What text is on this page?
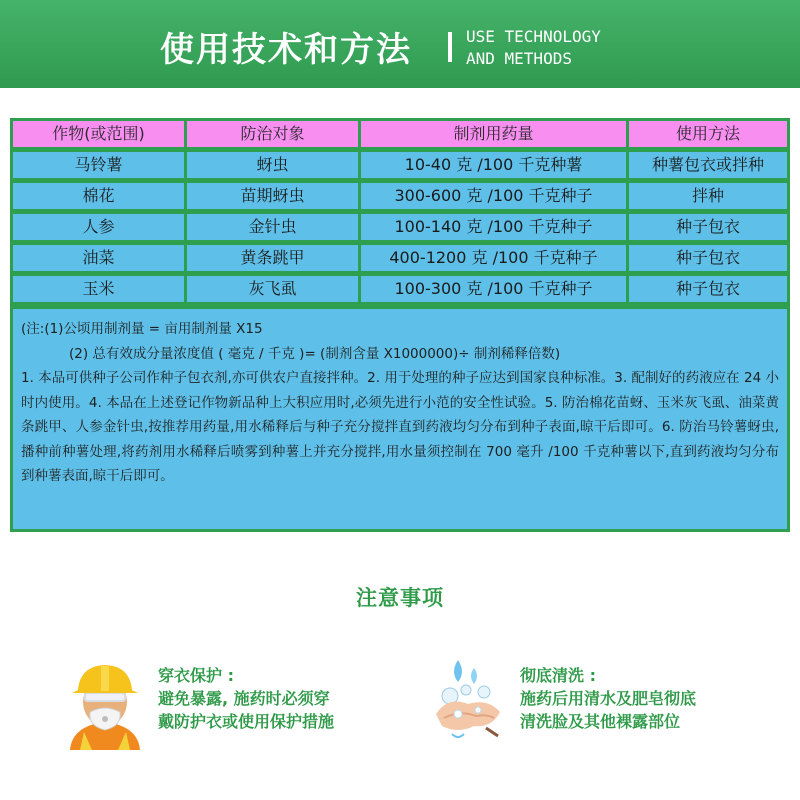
使用技术和方法	USE TECHNOLOGY
AND METHODS
作物(或范围)	防治对象	制剂用药量	使用方法
马铃薯	蚜虫	10-40 克 /100 千克种薯	种薯包衣或拌种
棉花	苗期蚜虫	300-600 克 /100 千克种子	拌种
人参	金针虫	100-140 克 /100 千克种子	种子包衣
油菜	黄条跳甲	400-1200 克 /100 千克种子	种子包衣
玉米	灰飞虱	100-300 克 /100 千克种子	种子包衣
(注:(1)公顷用制剂量 = 亩用制剂量 X15
(2) 总有效成分量浓度值 ( 毫克 / 千克 )= (制剂含量 X1000000)÷ 制剂稀释倍数)
1. 本品可供种子公司作种子包衣剂,亦可供农户直接拌种。2. 用于处理的种子应达到国家良种标准。3. 配制好的药液应在 24 小时内使用。4. 本品在上述登记作物新品种上大积应用时,必须先进行小范的安全性试验。5. 防治棉花苗蚜、玉米灰飞虱、油菜黄条跳甲、人参金针虫,按推荐用药量,用水稀释后与种子充分搅拌直到药液均匀分布到种子表面,晾干后即可。6. 防治马铃薯蚜虫,播种前种薯处理,将药剂用水稀释后喷雾到种薯上并充分搅拌,用水量须控制在 700 毫升 /100 千克种薯以下,直到药液均匀分布到种薯表面,晾干后即可。
注意事项
穿衣保护 :
避免暴露, 施药时必须穿
戴防护衣或使用保护措施
彻底清洗 :
施药后用清水及肥皂彻底
清洗脸及其他裸露部位
